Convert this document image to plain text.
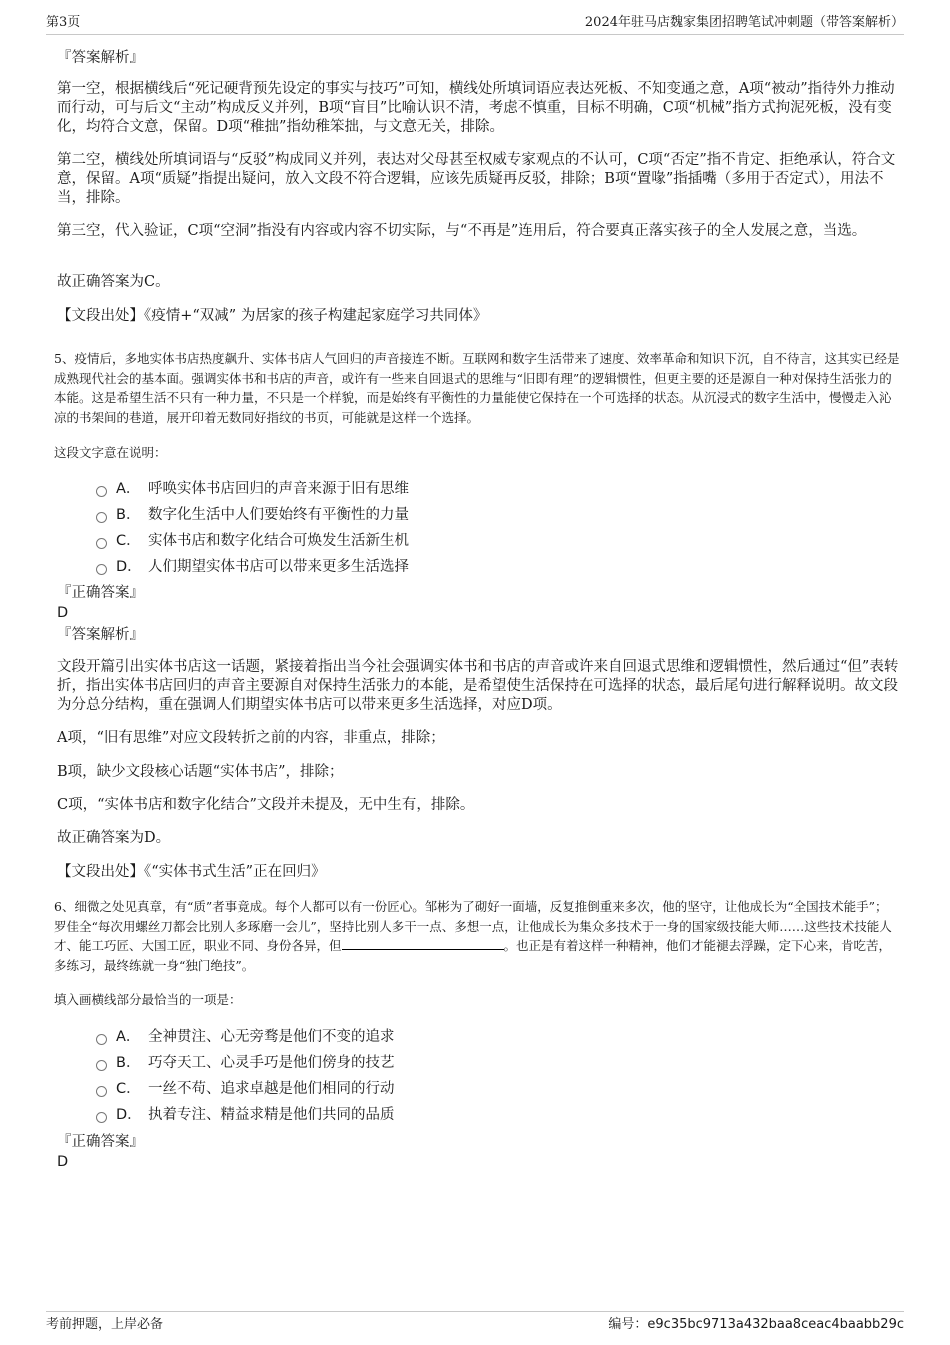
第3页	2024年驻马店魏家集团招聘笔试冲刺题（带答案解析）

『答案解析』

第一空，根据横线后“死记硬背预先设定的事实与技巧”可知，横线处所填词语应表达死板、不知变通之意，A项“被动”指待外力推动而行动，可与后文“主动”构成反义并列，B项“盲目”比喻认识不清，考虑不慎重，目标不明确，C项“机械”指方式拘泥死板，没有变化，均符合文意，保留。D项“稚拙”指幼稚笨拙，与文意无关，排除。

第二空，横线处所填词语与“反驳”构成同义并列，表达对父母甚至权威专家观点的不认可，C项“否定”指不肯定、拒绝承认，符合文意，保留。A项“质疑”指提出疑问，放入文段不符合逻辑，应该先质疑再反驳，排除；B项“置喙”指插嘴（多用于否定式），用法不当，排除。

第三空，代入验证，C项“空洞”指没有内容或内容不切实际，与“不再是”连用后，符合要真正落实孩子的全人发展之意，当选。

故正确答案为C。

【文段出处】《疫情+“双减” 为居家的孩子构建起家庭学习共同体》

5、疫情后，多地实体书店热度飙升、实体书店人气回归的声音接连不断。互联网和数字生活带来了速度、效率革命和知识下沉，自不待言，这其实已经是成熟现代社会的基本面。强调实体书和书店的声音，或许有一些来自回退式的思维与“旧即有理”的逻辑惯性，但更主要的还是源自一种对保持生活张力的本能。这是希望生活不只有一种力量，不只是一个样貌，而是始终有平衡性的力量能使它保持在一个可选择的状态。从沉浸式的数字生活中，慢慢走入沁凉的书架间的巷道，展开印着无数同好指纹的书页，可能就是这样一个选择。

这段文字意在说明：

A． 呼唤实体书店回归的声音来源于旧有思维
B． 数字化生活中人们要始终有平衡性的力量
C． 实体书店和数字化结合可焕发生活新生机
D． 人们期望实体书店可以带来更多生活选择

『正确答案』

D

『答案解析』

文段开篇引出实体书店这一话题，紧接着指出当今社会强调实体书和书店的声音或许来自回退式思维和逻辑惯性，然后通过“但”表转折，指出实体书店回归的声音主要源自对保持生活张力的本能，是希望使生活保持在可选择的状态，最后尾句进行解释说明。故文段为分总分结构，重在强调人们期望实体书店可以带来更多生活选择，对应D项。

A项，“旧有思维”对应文段转折之前的内容，非重点，排除；

B项，缺少文段核心话题“实体书店”，排除；

C项，“实体书店和数字化结合”文段并未提及，无中生有，排除。

故正确答案为D。

【文段出处】《“实体书式生活”正在回归》

6、细微之处见真章，有“质”者事竟成。每个人都可以有一份匠心。邹彬为了砌好一面墙，反复推倒重来多次，他的坚守，让他成长为“全国技术能手”；罗佳全“每次用螺丝刀都会比别人多琢磨一会儿”，坚持比别人多干一点、多想一点，让他成长为集众多技术于一身的国家级技能大师……这些技术技能人才、能工巧匠、大国工匠，职业不同、身份各异，但	。也正是有着这样一种精神，他们才能褪去浮躁，定下心来，肯吃苦，多练习，最终练就一身“独门绝技”。

填入画横线部分最恰当的一项是：

A． 全神贯注、心无旁骛是他们不变的追求
B． 巧夺天工、心灵手巧是他们傍身的技艺
C． 一丝不苟、追求卓越是他们相同的行动
D． 执着专注、精益求精是他们共同的品质

『正确答案』

D

考前押题，上岸必备	编号：e9c35bc9713a432baa8ceac4baabb29c
